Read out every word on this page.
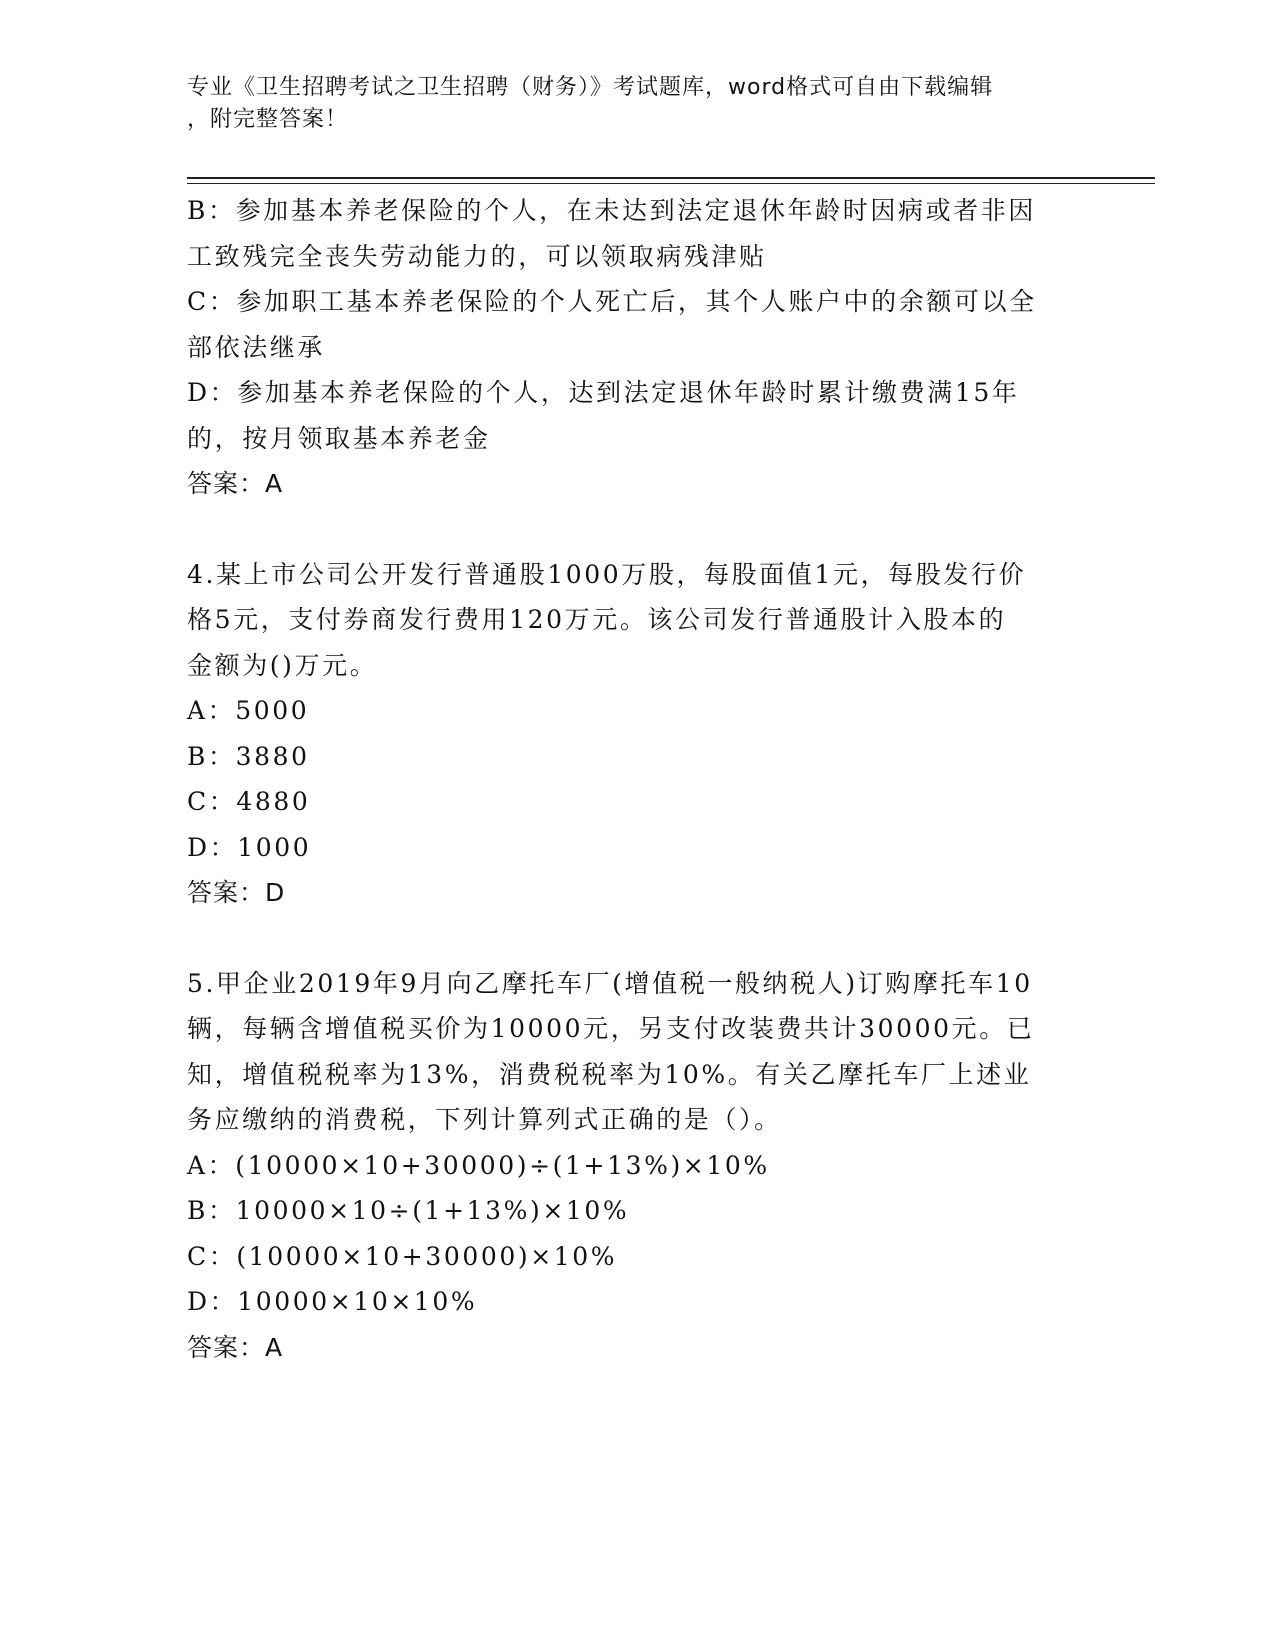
专业《卫生招聘考试之卫生招聘（财务）》考试题库，word格式可自由下载编辑
，附完整答案！
B：参加基本养老保险的个人，在未达到法定退休年龄时因病或者非因
工致残完全丧失劳动能力的，可以领取病残津贴
C：参加职工基本养老保险的个人死亡后，其个人账户中的余额可以全
部依法继承
D：参加基本养老保险的个人，达到法定退休年龄时累计缴费满15年
的，按月领取基本养老金
答案：A
4.某上市公司公开发行普通股1000万股，每股面值1元，每股发行价
格5元，支付券商发行费用120万元。该公司发行普通股计入股本的
金额为()万元。
A：5000
B：3880
C：4880
D：1000
答案：D
5.甲企业2019年9月向乙摩托车厂(增值税一般纳税人)订购摩托车10
辆，每辆含增值税买价为10000元，另支付改装费共计30000元。已
知，增值税税率为13%，消费税税率为10%。有关乙摩托车厂上述业
务应缴纳的消费税，下列计算列式正确的是（）。
A：(10000×10+30000)÷(1+13%)×10%
B：10000×10÷(1+13%)×10%
C：(10000×10+30000)×10%
D：10000×10×10%
答案：A
